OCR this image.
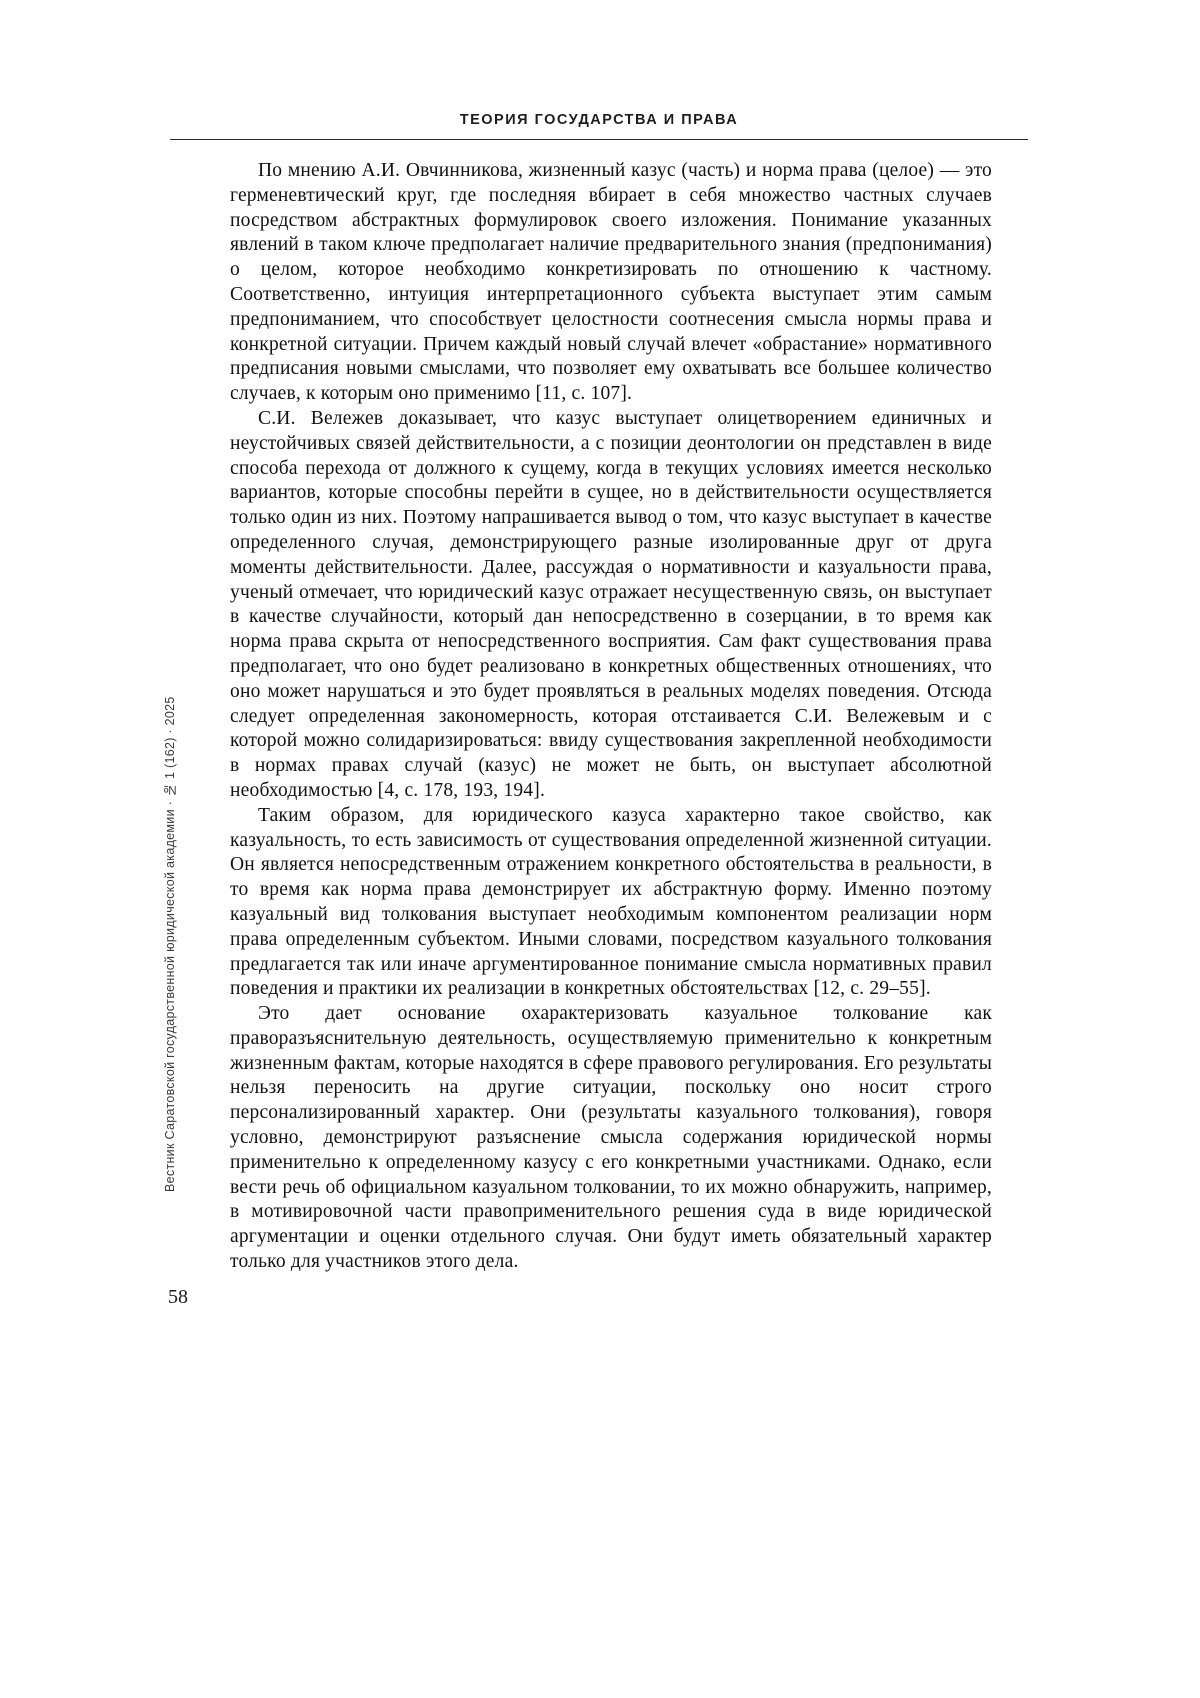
ТЕОРИЯ ГОСУДАРСТВА И ПРАВА
Вестник Саратовской государственной юридической академии · № 1 (162) · 2025
58

По мнению А.И. Овчинникова, жизненный казус (часть) и норма права (целое) — это герменевтический круг, где последняя вбирает в себя множество частных случаев посредством абстрактных формулировок своего изложения. Понимание указанных явлений в таком ключе предполагает наличие предварительного знания (предпонимания) о целом, которое необходимо конкретизировать по отношению к частному. Соответственно, интуиция интерпретационного субъекта выступает этим самым предпониманием, что способствует целостности соотнесения смысла нормы права и конкретной ситуации. Причем каждый новый случай влечет «обрастание» нормативного предписания новыми смыслами, что позволяет ему охватывать все большее количество случаев, к которым оно применимо [11, с. 107].

С.И. Вележев доказывает, что казус выступает олицетворением единичных и неустойчивых связей действительности, а с позиции деонтологии он представлен в виде способа перехода от должного к сущему, когда в текущих условиях имеется несколько вариантов, которые способны перейти в сущее, но в действительности осуществляется только один из них. Поэтому напрашивается вывод о том, что казус выступает в качестве определенного случая, демонстрирующего разные изолированные друг от друга моменты действительности. Далее, рассуждая о нормативности и казуальности права, ученый отмечает, что юридический казус отражает несущественную связь, он выступает в качестве случайности, который дан непосредственно в созерцании, в то время как норма права скрыта от непосредственного восприятия. Сам факт существования права предполагает, что оно будет реализовано в конкретных общественных отношениях, что оно может нарушаться и это будет проявляться в реальных моделях поведения. Отсюда следует определенная закономерность, которая отстаивается С.И. Вележевым и с которой можно солидаризироваться: ввиду существования закрепленной необходимости в нормах правах случай (казус) не может не быть, он выступает абсолютной необходимостью [4, с. 178, 193, 194].

Таким образом, для юридического казуса характерно такое свойство, как казуальность, то есть зависимость от существования определенной жизненной ситуации. Он является непосредственным отражением конкретного обстоятельства в реальности, в то время как норма права демонстрирует их абстрактную форму. Именно поэтому казуальный вид толкования выступает необходимым компонентом реализации норм права определенным субъектом. Иными словами, посредством казуального толкования предлагается так или иначе аргументированное понимание смысла нормативных правил поведения и практики их реализации в конкретных обстоятельствах [12, с. 29–55].

Это дает основание охарактеризовать казуальное толкование как праворазъяснительную деятельность, осуществляемую применительно к конкретным жизненным фактам, которые находятся в сфере правового регулирования. Его результаты нельзя переносить на другие ситуации, поскольку оно носит строго персонализированный характер. Они (результаты казуального толкования), говоря условно, демонстрируют разъяснение смысла содержания юридической нормы применительно к определенному казусу с его конкретными участниками. Однако, если вести речь об официальном казуальном толковании, то их можно обнаружить, например, в мотивировочной части правоприменительного решения суда в виде юридической аргументации и оценки отдельного случая. Они будут иметь обязательный характер только для участников этого дела.
